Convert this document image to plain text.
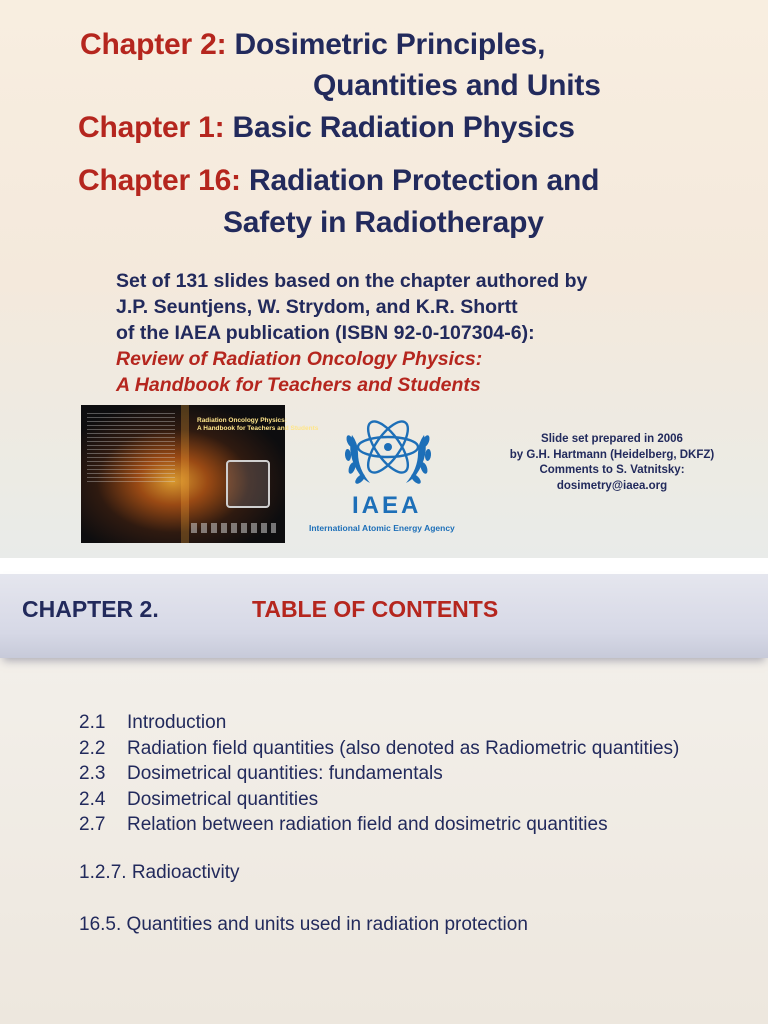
Chapter 2: Dosimetric Principles,
Quantities and Units
Chapter 1: Basic Radiation Physics
Chapter 16: Radiation Protection and
Safety in Radiotherapy
Set of 131 slides based on the chapter authored by
J.P. Seuntjens, W. Strydom, and K.R. Shortt
of the IAEA publication (ISBN 92-0-107304-6):
Review of Radiation Oncology Physics:
A Handbook for Teachers and Students
Radiation Oncology Physics:
A Handbook for Teachers and Students
IAEA
International Atomic Energy Agency
Slide set prepared in 2006
by G.H. Hartmann (Heidelberg, DKFZ)
Comments to S. Vatnitsky:
dosimetry@iaea.org
CHAPTER 2.	TABLE OF CONTENTS
2.1 Introduction
2.2 Radiation field quantities (also denoted as Radiometric quantities)
2.3 Dosimetrical quantities: fundamentals
2.4 Dosimetrical quantities
2.7 Relation between radiation field and dosimetric quantities
1.2.7. Radioactivity
16.5. Quantities and units used in radiation protection
